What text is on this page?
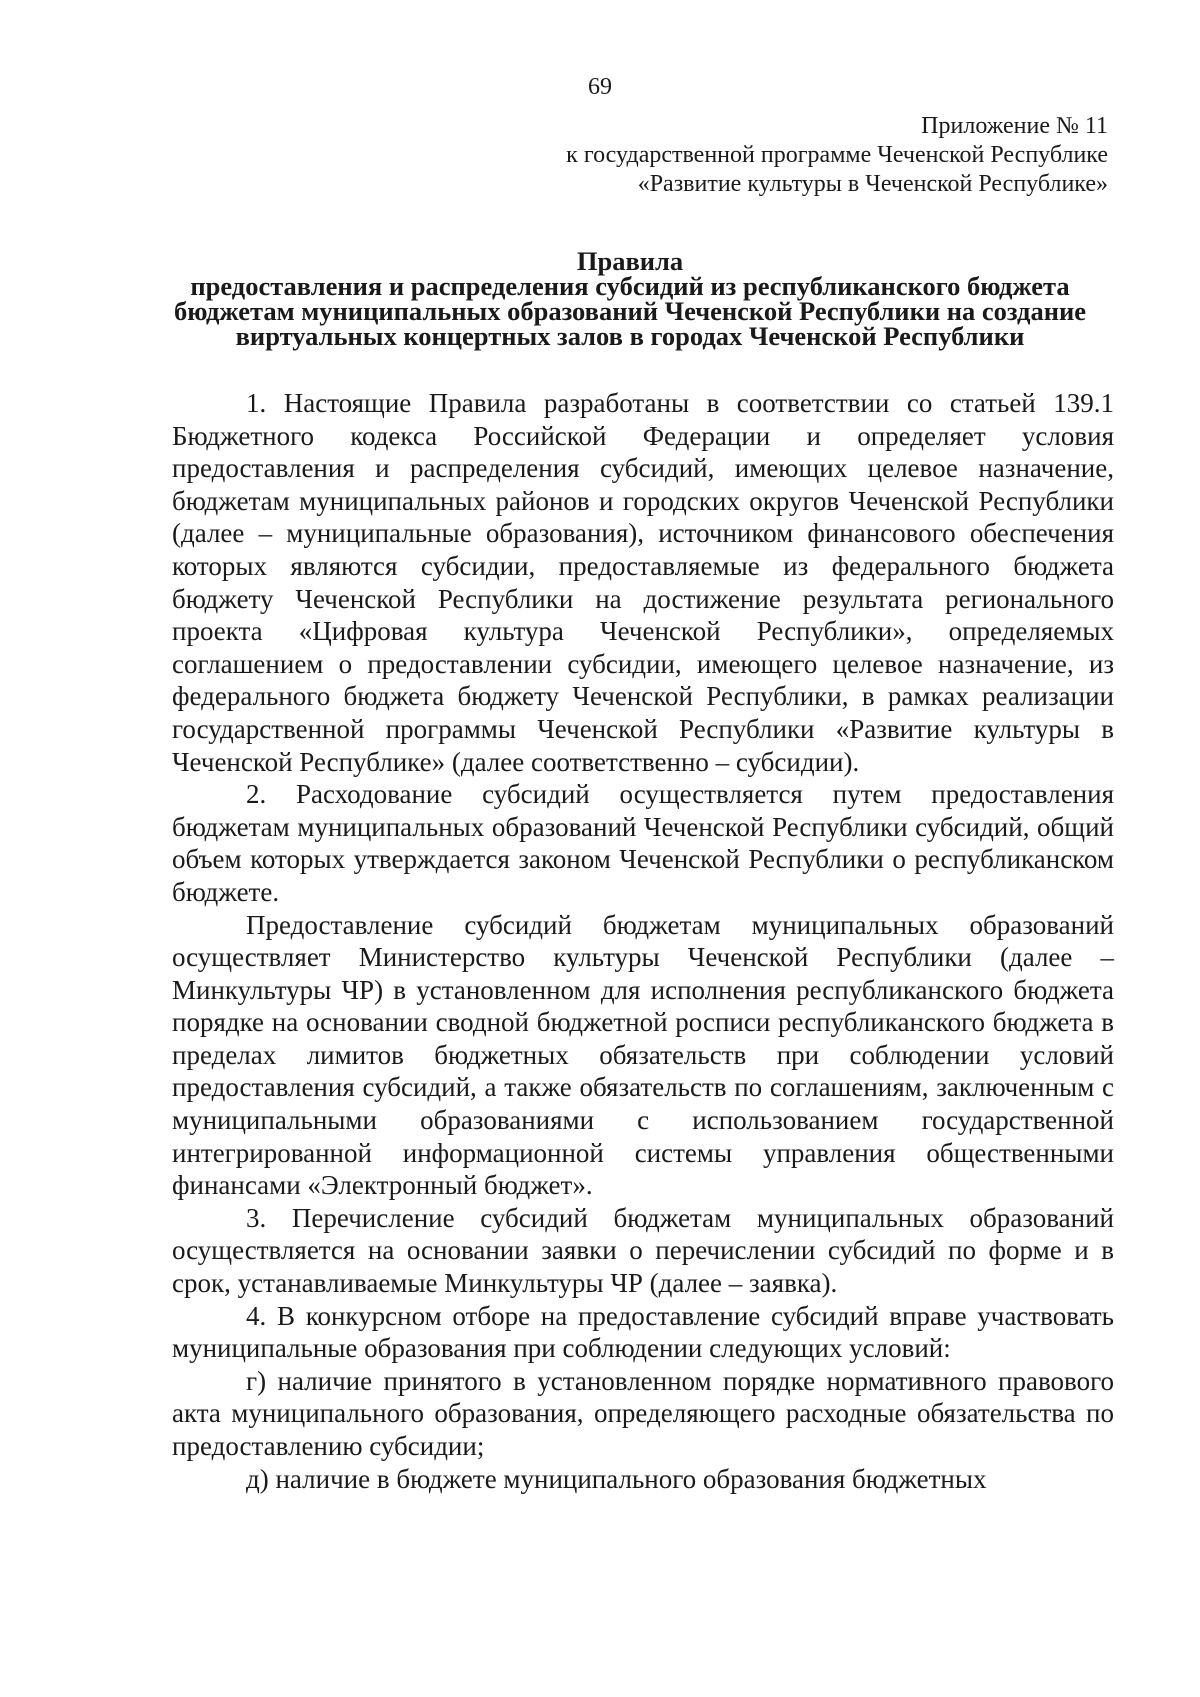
69
Приложение № 11
к государственной программе Чеченской Республике
«Развитие культуры в Чеченской Республике»
Правила
предоставления и распределения субсидий из республиканского бюджета
бюджетам муниципальных образований Чеченской Республики на создание
виртуальных концертных залов в городах Чеченской Республики

1. Настоящие Правила разработаны в соответствии со статьей 139.1 Бюджетного кодекса Российской Федерации и определяет условия предоставления и распределения субсидий, имеющих целевое назначение, бюджетам муниципальных районов и городских округов Чеченской Республики (далее – муниципальные образования), источником финансового обеспечения которых являются субсидии, предоставляемые из федерального бюджета бюджету Чеченской Республики на достижение результата регионального проекта «Цифровая культура Чеченской Республики», определяемых соглашением о предоставлении субсидии, имеющего целевое назначение, из федерального бюджета бюджету Чеченской Республики, в рамках реализации государственной программы Чеченской Республики «Развитие культуры в Чеченской Республике» (далее соответственно – субсидии).

2. Расходование субсидий осуществляется путем предоставления бюджетам муниципальных образований Чеченской Республики субсидий, общий объем которых утверждается законом Чеченской Республики о республиканском бюджете.

Предоставление субсидий бюджетам муниципальных образований осуществляет Министерство культуры Чеченской Республики (далее – Минкультуры ЧР) в установленном для исполнения республиканского бюджета порядке на основании сводной бюджетной росписи республиканского бюджета в пределах лимитов бюджетных обязательств при соблюдении условий предоставления субсидий, а также обязательств по соглашениям, заключенным с муниципальными образованиями с использованием государственной интегрированной информационной системы управления общественными финансами «Электронный бюджет».

3. Перечисление субсидий бюджетам муниципальных образований осуществляется на основании заявки о перечислении субсидий по форме и в срок, устанавливаемые Минкультуры ЧР (далее – заявка).

4. В конкурсном отборе на предоставление субсидий вправе участвовать муниципальные образования при соблюдении следующих условий:

г) наличие принятого в установленном порядке нормативного правового акта муниципального образования, определяющего расходные обязательства по предоставлению субсидии;

д) наличие в бюджете муниципального образования бюджетных
